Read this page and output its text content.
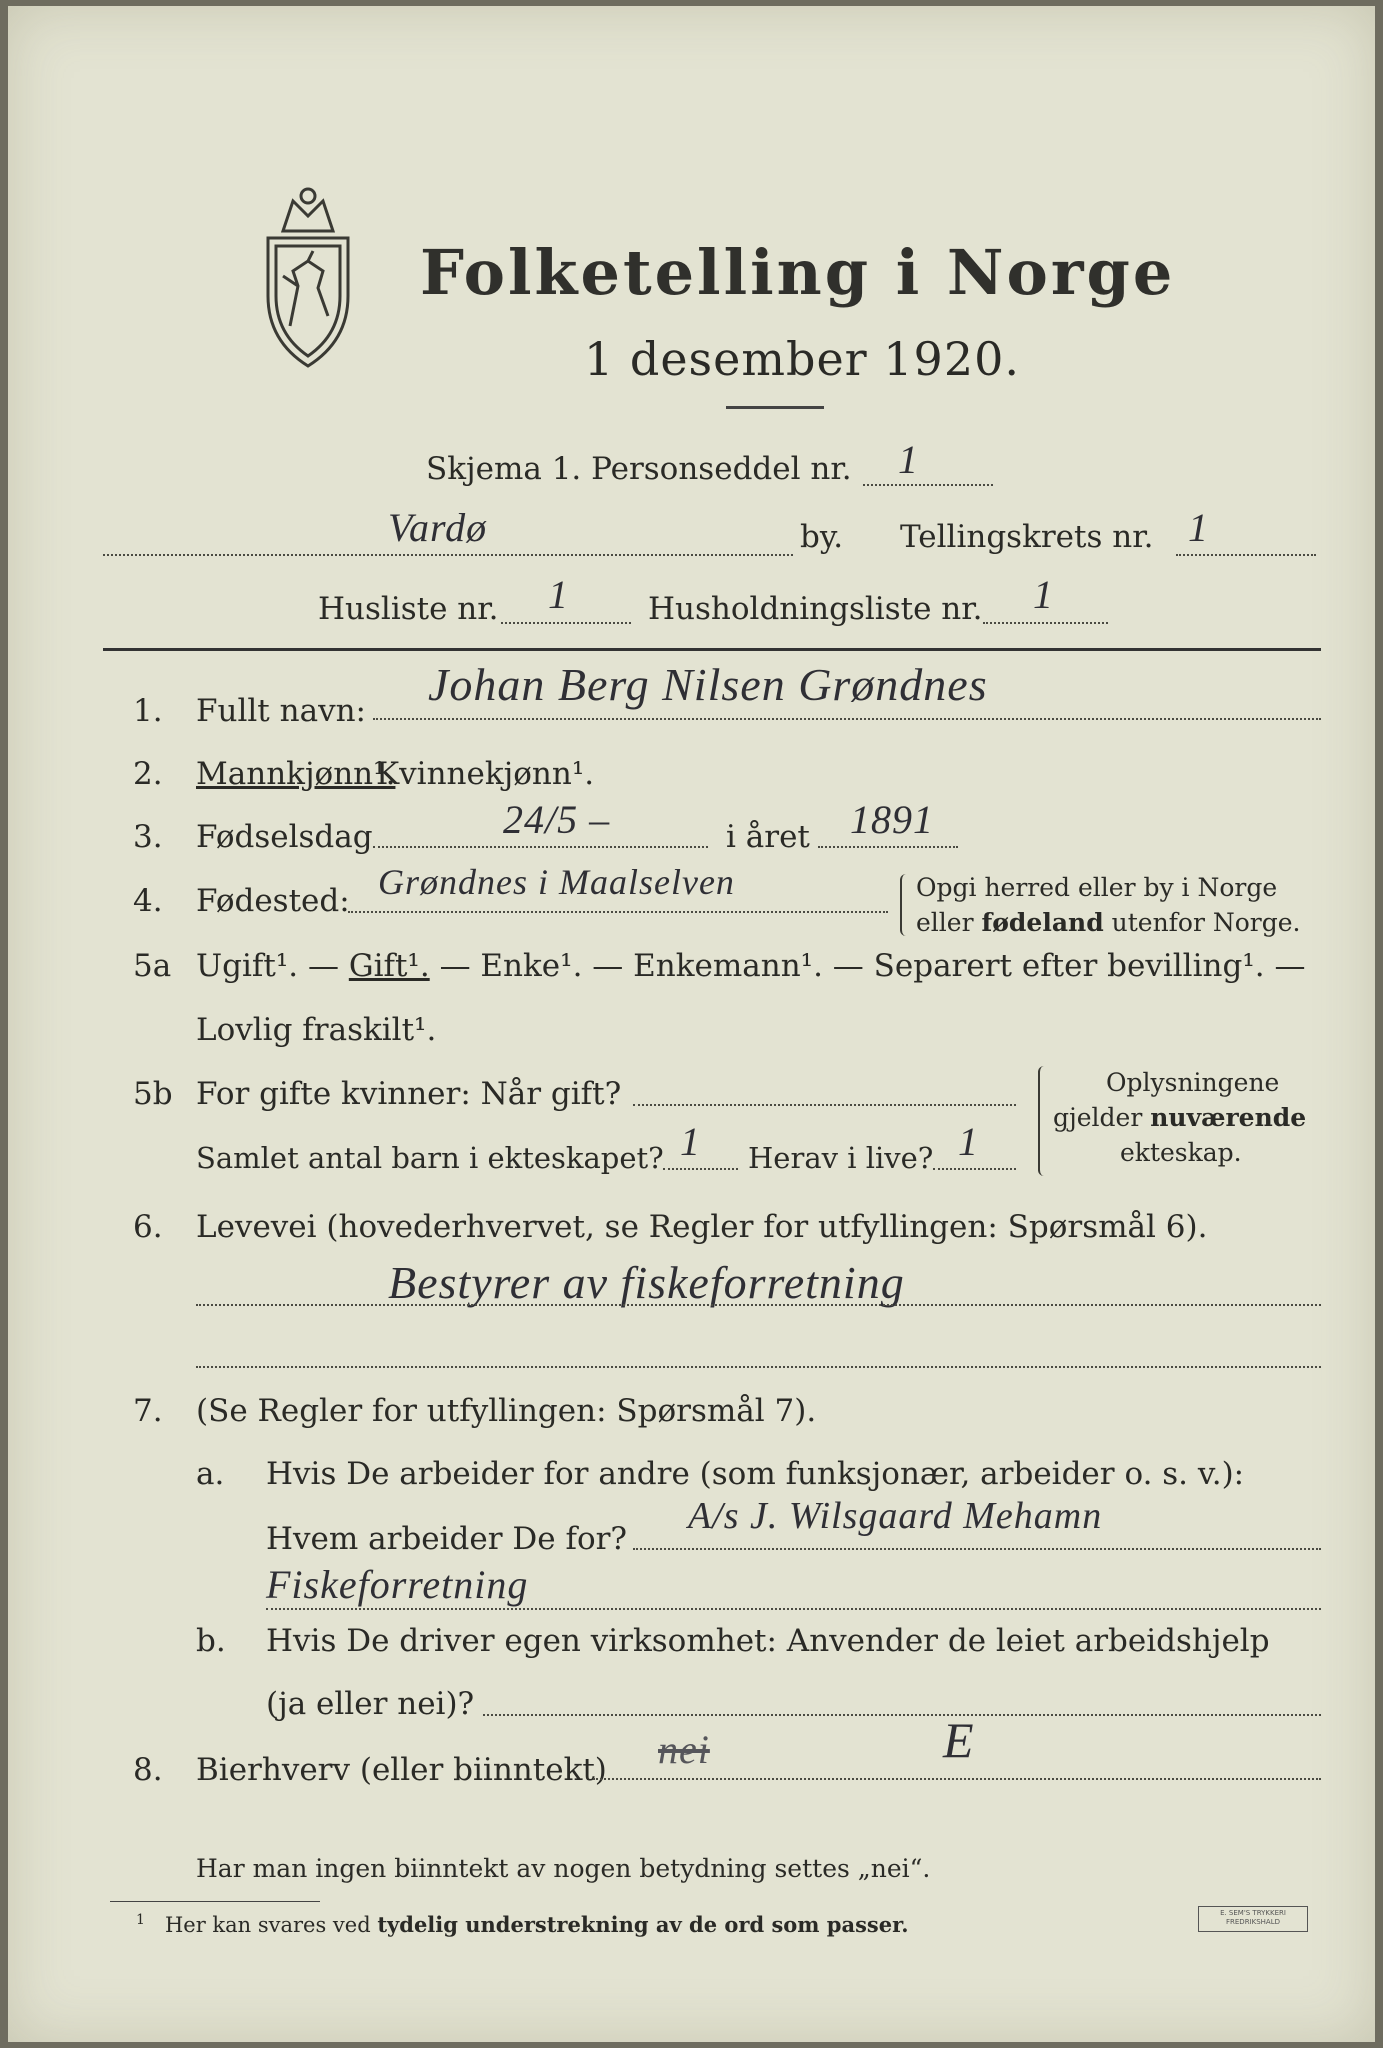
Folketelling i Norge
1 desember 1920.
Skjema 1. Personseddel nr. 1
Vardø	by. Tellingskrets nr. 1
Husliste nr. 1	Husholdningsliste nr. 1
1. Fullt navn:
Johan Berg Nilsen Grøndnes
2. Mannkjønn¹.
Kvinnekjønn¹.
3. Fødselsdag	24/5 –	i året 1891
4. Fødested: Grøndnes i Maalselven	Opgi herred eller by i Norge
eller fødeland utenfor Norge.
5a Ugift¹. — Gift¹. — Enke¹. — Enkemann¹. — Separert efter bevilling¹. —
Lovlig fraskilt¹.
5b For gifte kvinner: Når gift?
Samlet antal barn i ekteskapet? 1 Herav i live? 1
Oplysningene
gjelder nuværende
ekteskap.
6. Levevei (hovederhvervet, se Regler for utfyllingen: Spørsmål 6).
Bestyrer av fiskeforretning
7. (Se Regler for utfyllingen: Spørsmål 7).
a. Hvis De arbeider for andre (som funksjonær, arbeider o. s. v.):
Hvem arbeider De for?
A/s J. Wilsgaard Mehamn
Fiskeforretning
b. Hvis De driver egen virksomhet: Anvender de leiet arbeidshjelp
(ja eller nei)?
8. Bierhverv (eller biinntekt) nei	E
Har man ingen biinntekt av nogen betydning settes „nei“.
$^1$ Her kan svares ved tydelig understrekning av de ord som passer.	E. SEM'S TRYKKERI
FREDRIKSHALD
